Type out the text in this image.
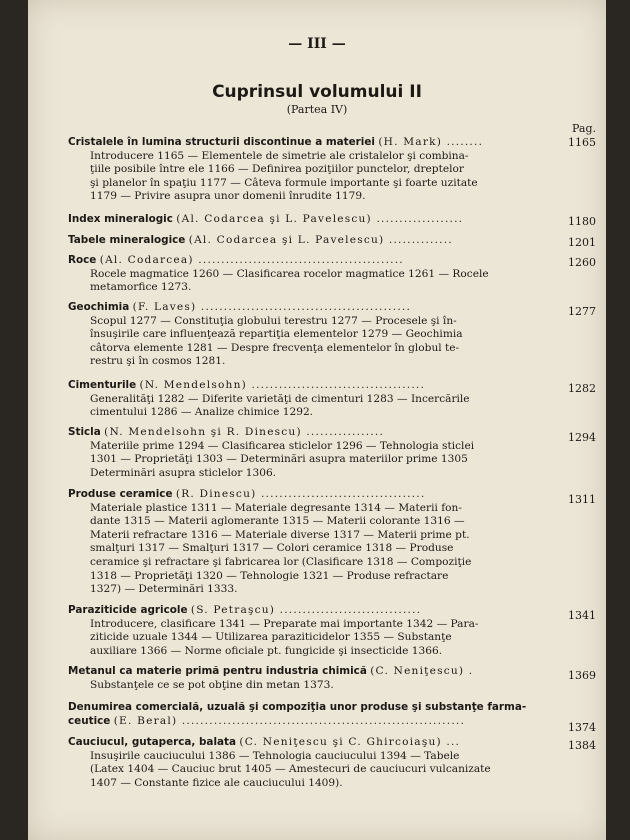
— III —
Cuprinsul volumului II
(Partea IV)
Pag.
Cristalele în lumina structurii discontinue a materiei (H. Mark) ........
Introducere 1165 — Elementele de simetrie ale cristalelor şi combina-
ţiile posibile între ele 1166 — Definirea poziţiilor punctelor, dreptelor
şi planelor în spaţiu 1177 — Câteva formule importante şi foarte uzitate
1179 — Privire asupra unor domenii înrudite 1179.
1165
Index mineralogic (Al. Codarcea şi L. Pavelescu) ...................	1180
Tabele mineralogice (Al. Codarcea şi L. Pavelescu) ..............	1201
Roce (Al. Codarcea) .............................................
Rocele magmatice 1260 — Clasificarea rocelor magmatice 1261 — Rocele
metamorfice 1273.
1260
Geochimia (F. Laves) ..............................................
Scopul 1277 — Constituţia globului terestru 1277 — Procesele şi în-
însuşirile care influenţează repartiţia elementelor 1279 — Geochimia
câtorva elemente 1281 — Despre frecvenţa elementelor în globul te-
restru şi în cosmos 1281.
1277
Cimenturile (N. Mendelsohn) ......................................
Generalităţi 1282 — Diferite varietăţi de cimenturi 1283 — Incercările
cimentului 1286 — Analize chimice 1292.
1282
Sticla (N. Mendelsohn şi R. Dinescu) .................
Materiile prime 1294 — Clasificarea sticlelor 1296 — Tehnologia sticlei
1301 — Proprietăţi 1303 — Determinări asupra materiilor prime 1305
Determinări asupra sticlelor 1306.
1294
Produse ceramice (R. Dinescu) ....................................
Materiale plastice 1311 — Materiale degresante 1314 — Materii fon-
dante 1315 — Materii aglomerante 1315 — Materii colorante 1316 —
Materii refractare 1316 — Materiale diverse 1317 — Materii prime pt.
smalţuri 1317 — Smalţuri 1317 — Colori ceramice 1318 — Produse
ceramice şi refractare şi fabricarea lor (Clasificare 1318 — Compoziţie
1318 — Proprietăţi 1320 — Tehnologie 1321 — Produse refractare
1327) — Determinări 1333.
1311
Paraziticide agricole (S. Petraşcu) ...............................
Introducere, clasificare 1341 — Preparate mai importante 1342 — Para-
ziticide uzuale 1344 — Utilizarea paraziticidelor 1355 — Substanţe
auxiliare 1366 — Norme oficiale pt. fungicide şi insecticide 1366.
1341
Metanul ca materie primă pentru industria chimică (C. Neniţescu) .
Substanţele ce se pot obţine din metan 1373.
1369
Denumirea comercială, uzuală şi compoziţia unor produse şi substanţe farma-
ceutice (E. Beral) ..............................................................
1374
Cauciucul, gutaperca, balata (C. Neniţescu şi C. Ghircoiaşu) ...
Insuşirile cauciucului 1386 — Tehnologia cauciucului 1394 — Tabele
(Latex 1404 — Cauciuc brut 1405 — Amestecuri de cauciucuri vulcanizate
1407 — Constante fizice ale cauciucului 1409).
1384
